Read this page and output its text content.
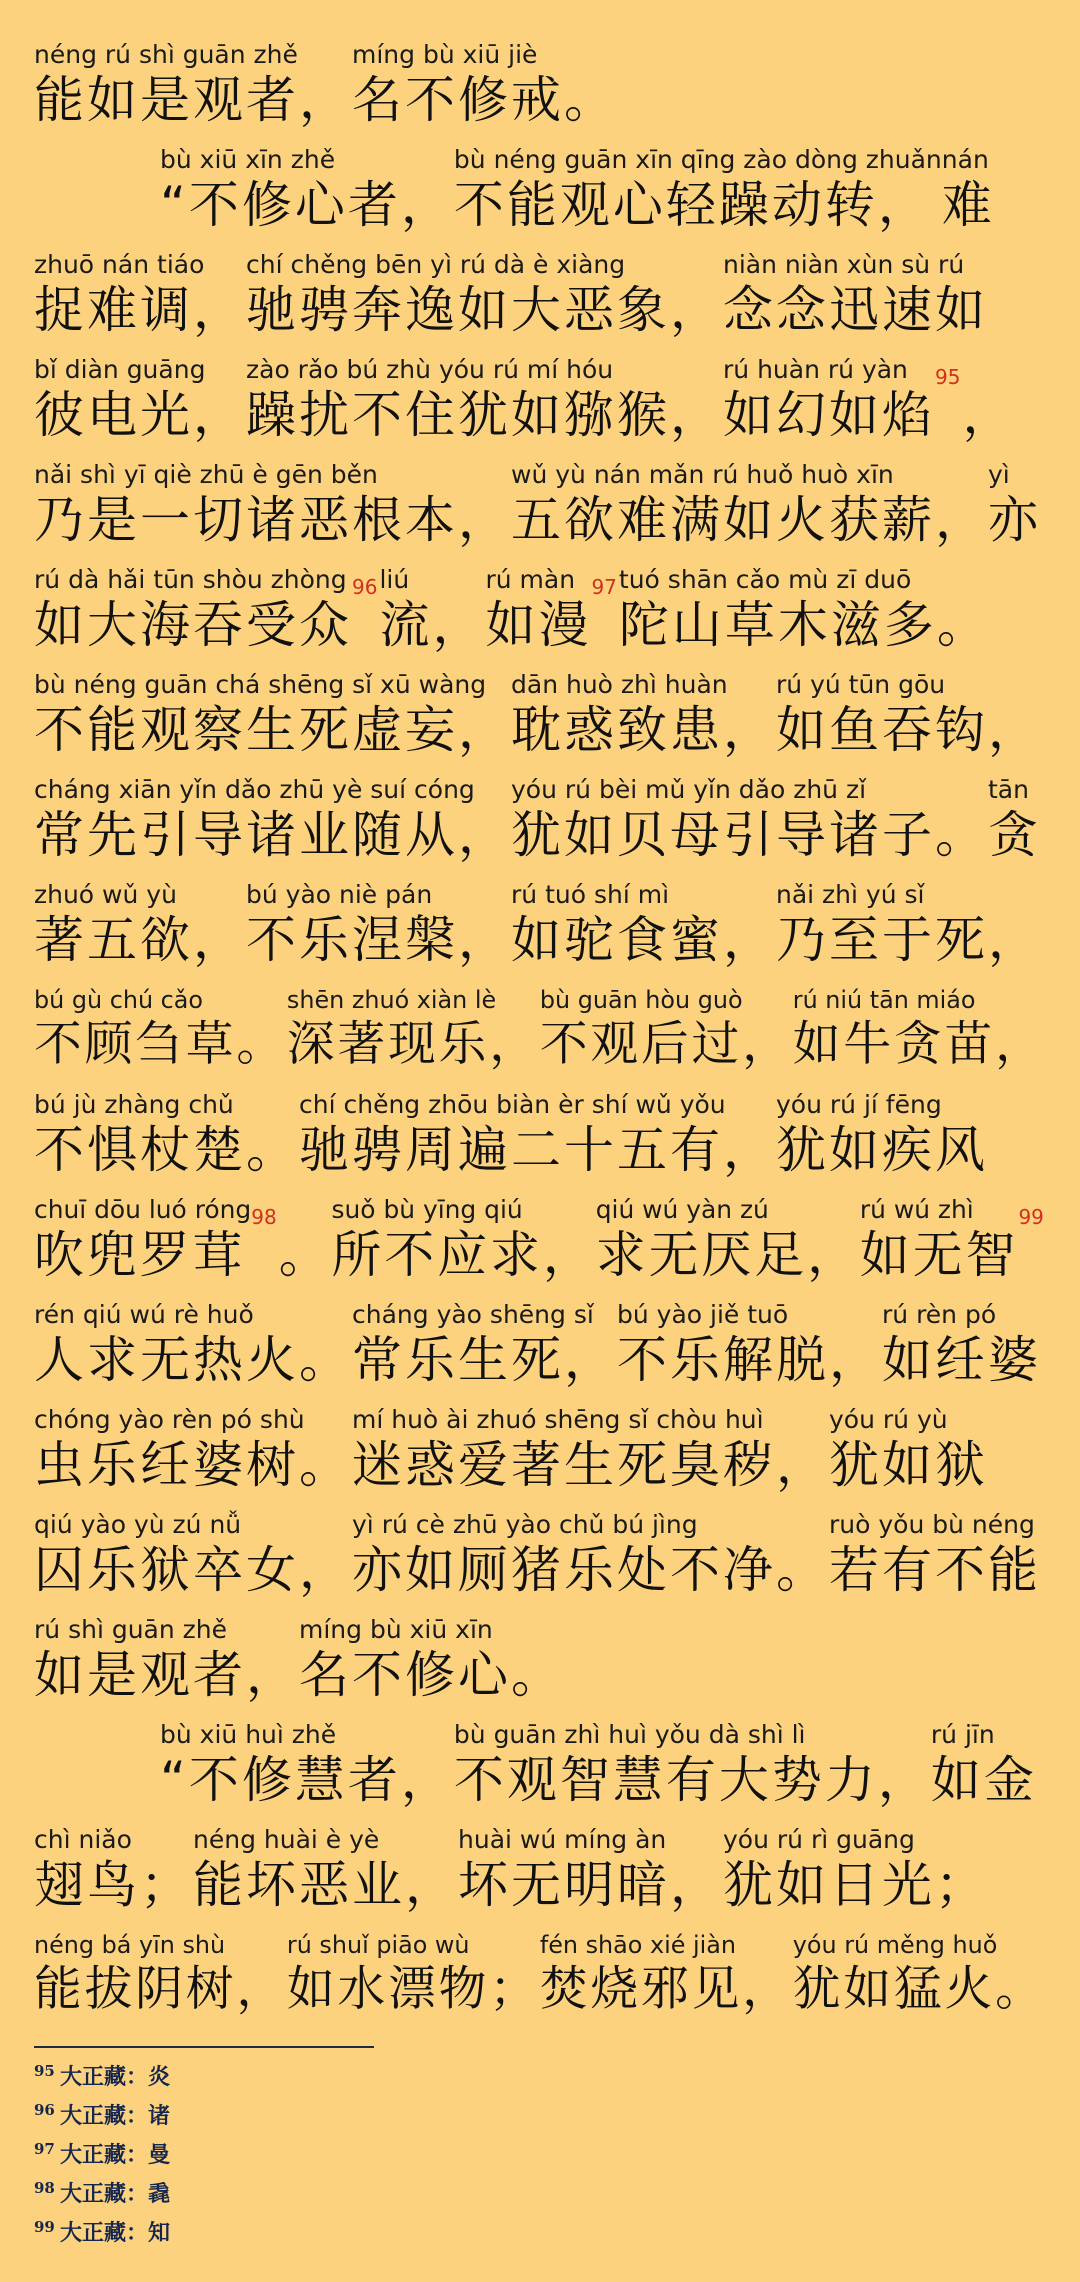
néng rú shì guān zhě
能如是观者，
míng bù xiū jiè
名不修戒。
bù xiū xīn zhě
“不修心者，
bù néng guān xīn qīng zào dòng zhuǎn
不能观心轻躁动转，
nán
难
zhuō nán tiáo
捉难调，
chí chěng bēn yì rú dà è xiàng
驰骋奔逸如大恶象，
niàn niàn xùn sù rú
念念迅速如
bǐ diàn guāng
彼电光，
zào rǎo bú zhù yóu rú mí hóu
躁扰不住犹如猕猴，
rú huàn rú yàn
如幻如焰
95
，
nǎi shì yī qiè zhū è gēn běn
乃是一切诸恶根本，
wǔ yù nán mǎn rú huǒ huò xīn
五欲难满如火获薪，
yì
亦
rú dà hǎi tūn shòu zhòng
如大海吞受众
96 liú
流，
rú màn
如漫
97 tuó shān cǎo mù zī duō
陀山草木滋多。
bù néng guān chá shēng sǐ xū wàng
不能观察生死虚妄，
dān huò zhì huàn
耽惑致患，
rú yú tūn gōu
如鱼吞钩，
cháng xiān yǐn dǎo zhū yè suí cóng
常先引导诸业随从，
yóu rú bèi mǔ yǐn dǎo zhū zǐ
犹如贝母引导诸子。
tān
贪
zhuó wǔ yù
著五欲，
bú yào niè pán
不乐涅槃，
rú tuó shí mì
如驼食蜜，
nǎi zhì yú sǐ
乃至于死，
bú gù chú cǎo
不顾刍草。
shēn zhuó xiàn lè
深著现乐，
bù guān hòu guò
不观后过，
rú niú tān miáo
如牛贪苗，
bú jù zhàng chǔ
不惧杖楚。
chí chěng zhōu biàn èr shí wǔ yǒu
驰骋周遍二十五有，
yóu rú jí fēng
犹如疾风
chuī dōu luó róng
吹兜罗茸
98
。
suǒ bù yīng qiú
所不应求，
qiú wú yàn zú
求无厌足，
rú wú zhì
如无智
99
rén qiú wú rè huǒ
人求无热火。
cháng yào shēng sǐ
常乐生死，
bú yào jiě tuō
不乐解脱，
rú rèn pó
如纴婆
chóng yào rèn pó shù
虫乐纴婆树。
mí huò ài zhuó shēng sǐ chòu huì
迷惑爱著生死臭秽，
yóu rú yù
犹如狱
qiú yào yù zú nǚ
囚乐狱卒女，
yì rú cè zhū yào chǔ bú jìng
亦如厕猪乐处不净。
ruò yǒu bù néng
若有不能
rú shì guān zhě
如是观者，
míng bù xiū xīn
名不修心。
bù xiū huì zhě
“不修慧者，
bù guān zhì huì yǒu dà shì lì
不观智慧有大势力，
rú jīn
如金
chì niǎo
翅鸟；
néng huài è yè
能坏恶业，
huài wú míng àn
坏无明暗，
yóu rú rì guāng
犹如日光；
néng bá yīn shù
能拔阴树，
rú shuǐ piāo wù
如水漂物；
fén shāo xié jiàn
焚烧邪见，
yóu rú měng huǒ
犹如猛火。
95 大正藏：炎
96 大正藏：诸
97 大正藏：曼
98 大正藏：毳
99 大正藏：知
